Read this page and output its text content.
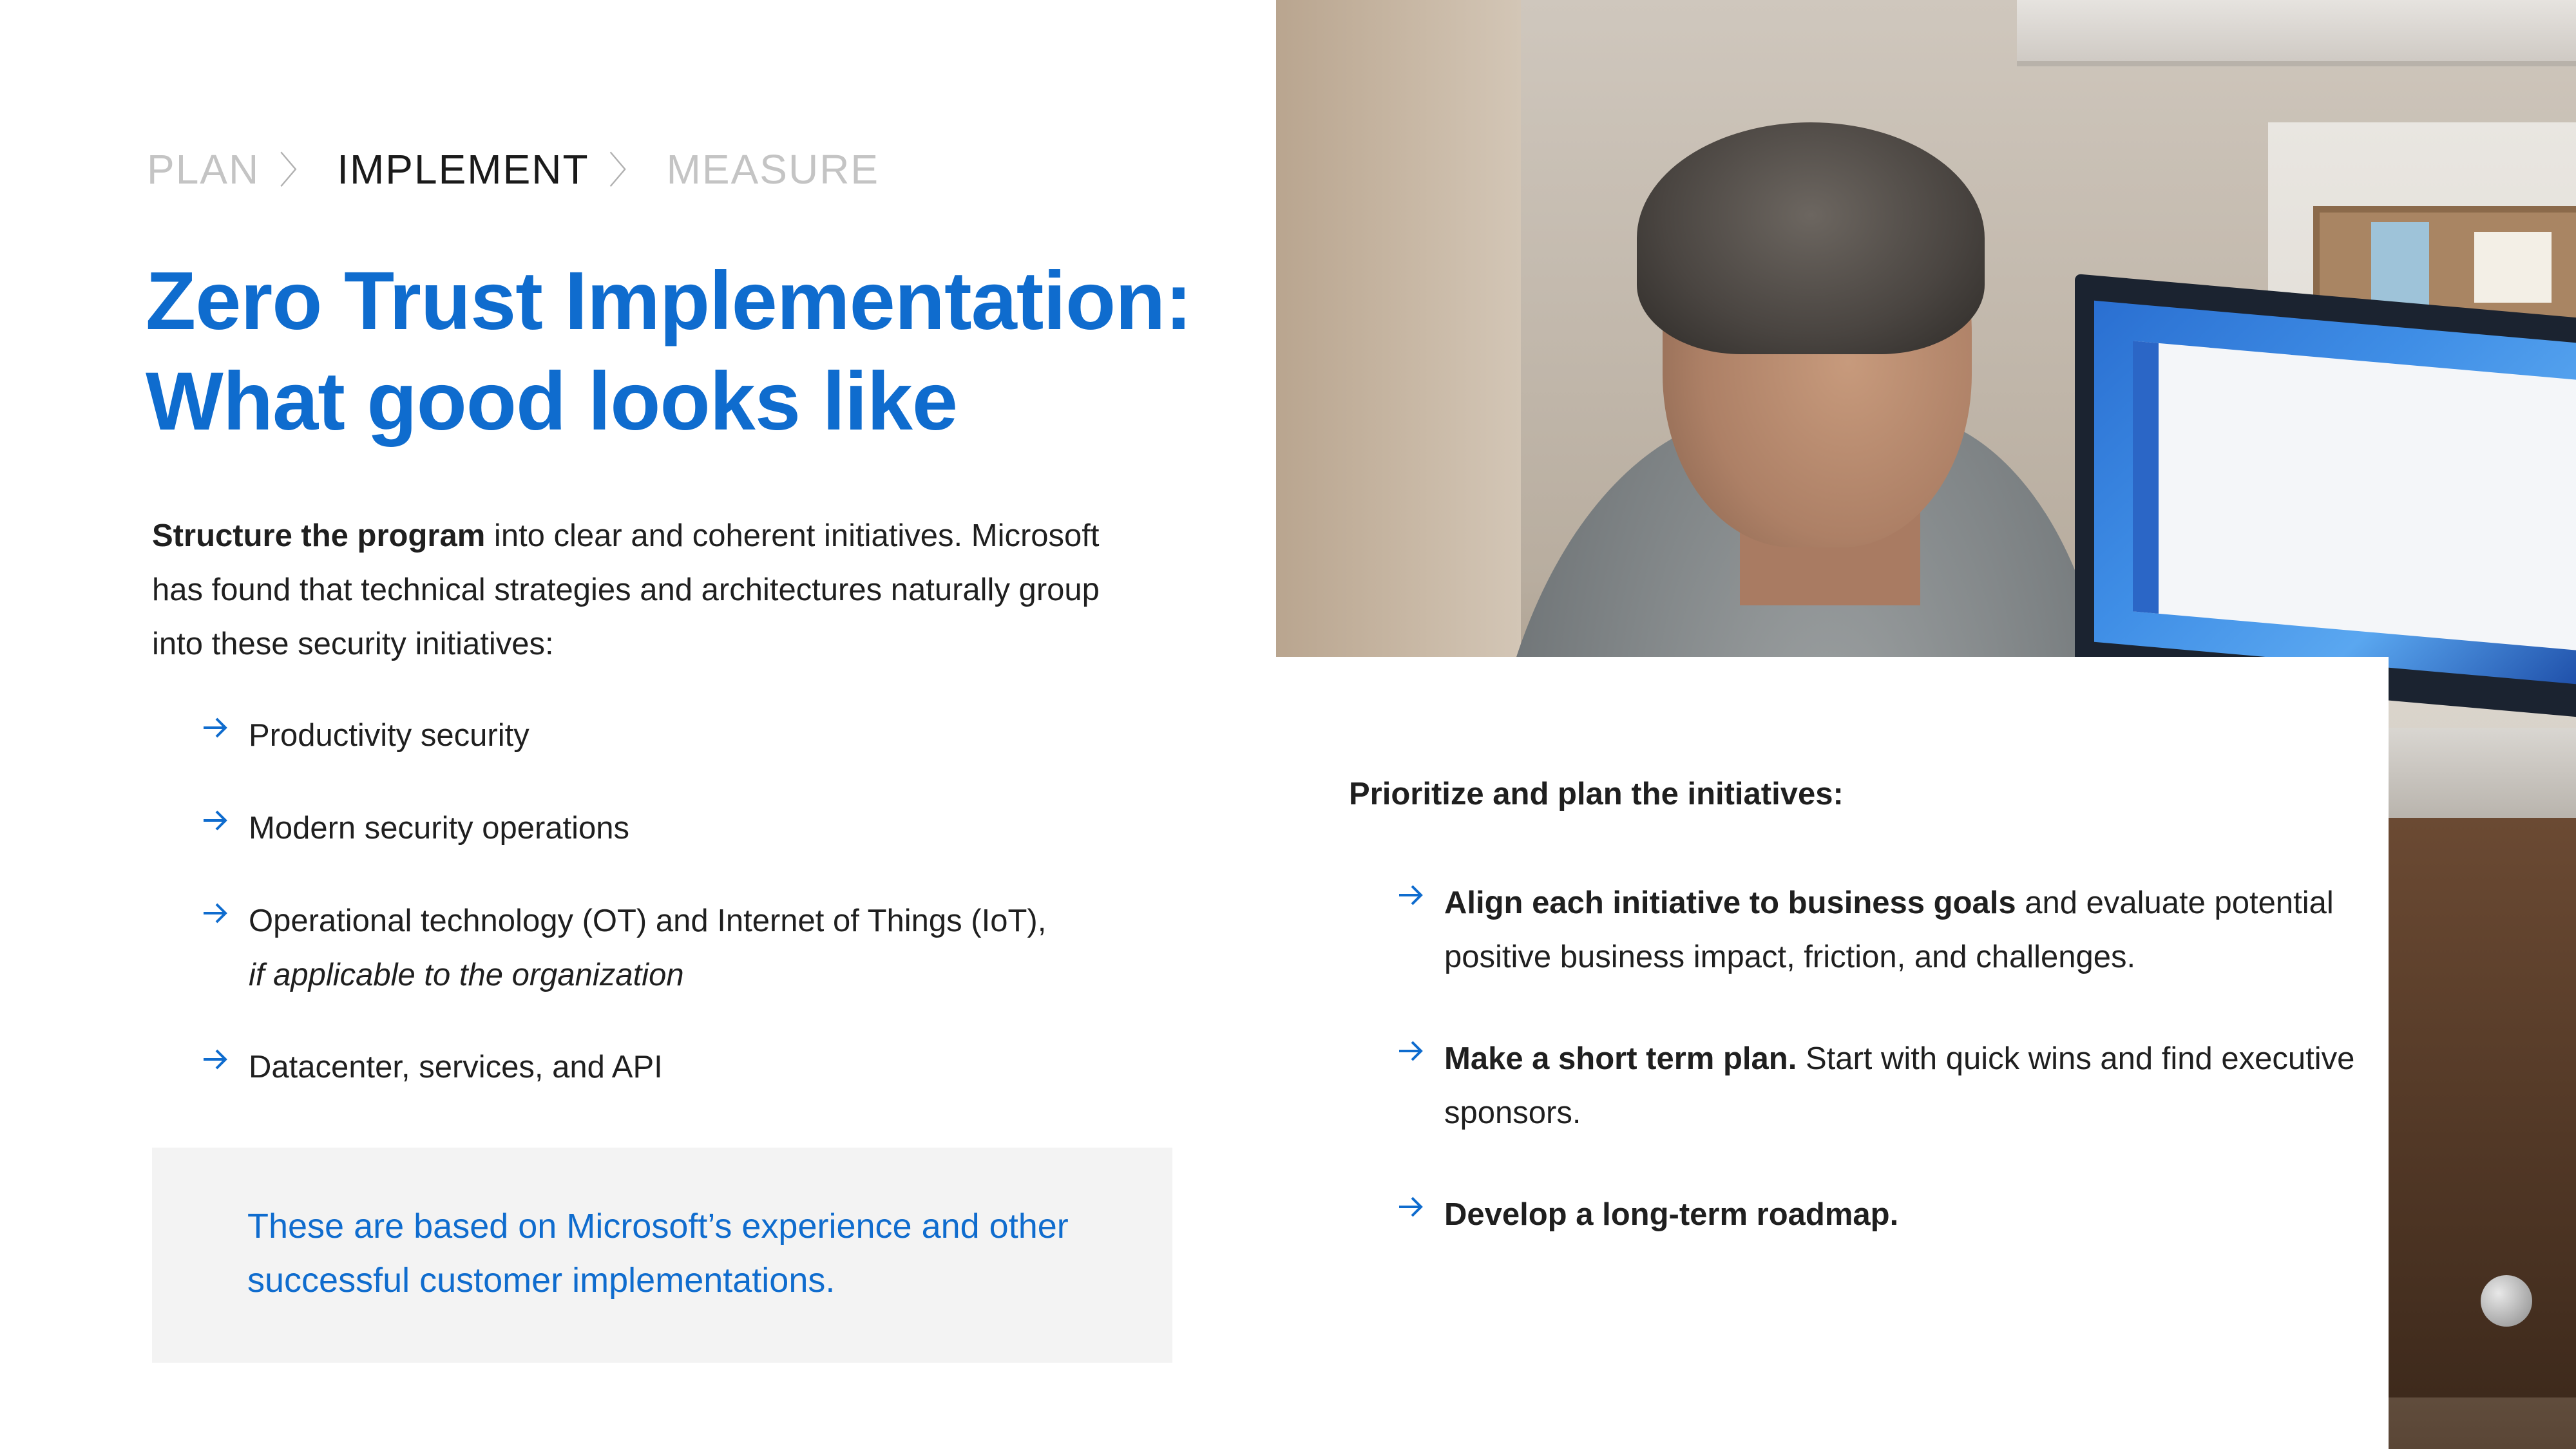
PLAN 〉 IMPLEMENT 〉 MEASURE
Zero Trust Implementation:
What good looks like
Structure the program into clear and coherent initiatives. Microsoft has found that technical strategies and architectures naturally group into these security initiatives:
Productivity security
Modern security operations
Operational technology (OT) and Internet of Things (IoT),
if applicable to the organization
Datacenter, services, and API
These are based on Microsoft’s experience and other successful customer implementations.
Prioritize and plan the initiatives:
Align each initiative to business goals and evaluate potential positive business impact, friction, and challenges.
Make a short term plan. Start with quick wins and find executive sponsors.
Develop a long-term roadmap.
